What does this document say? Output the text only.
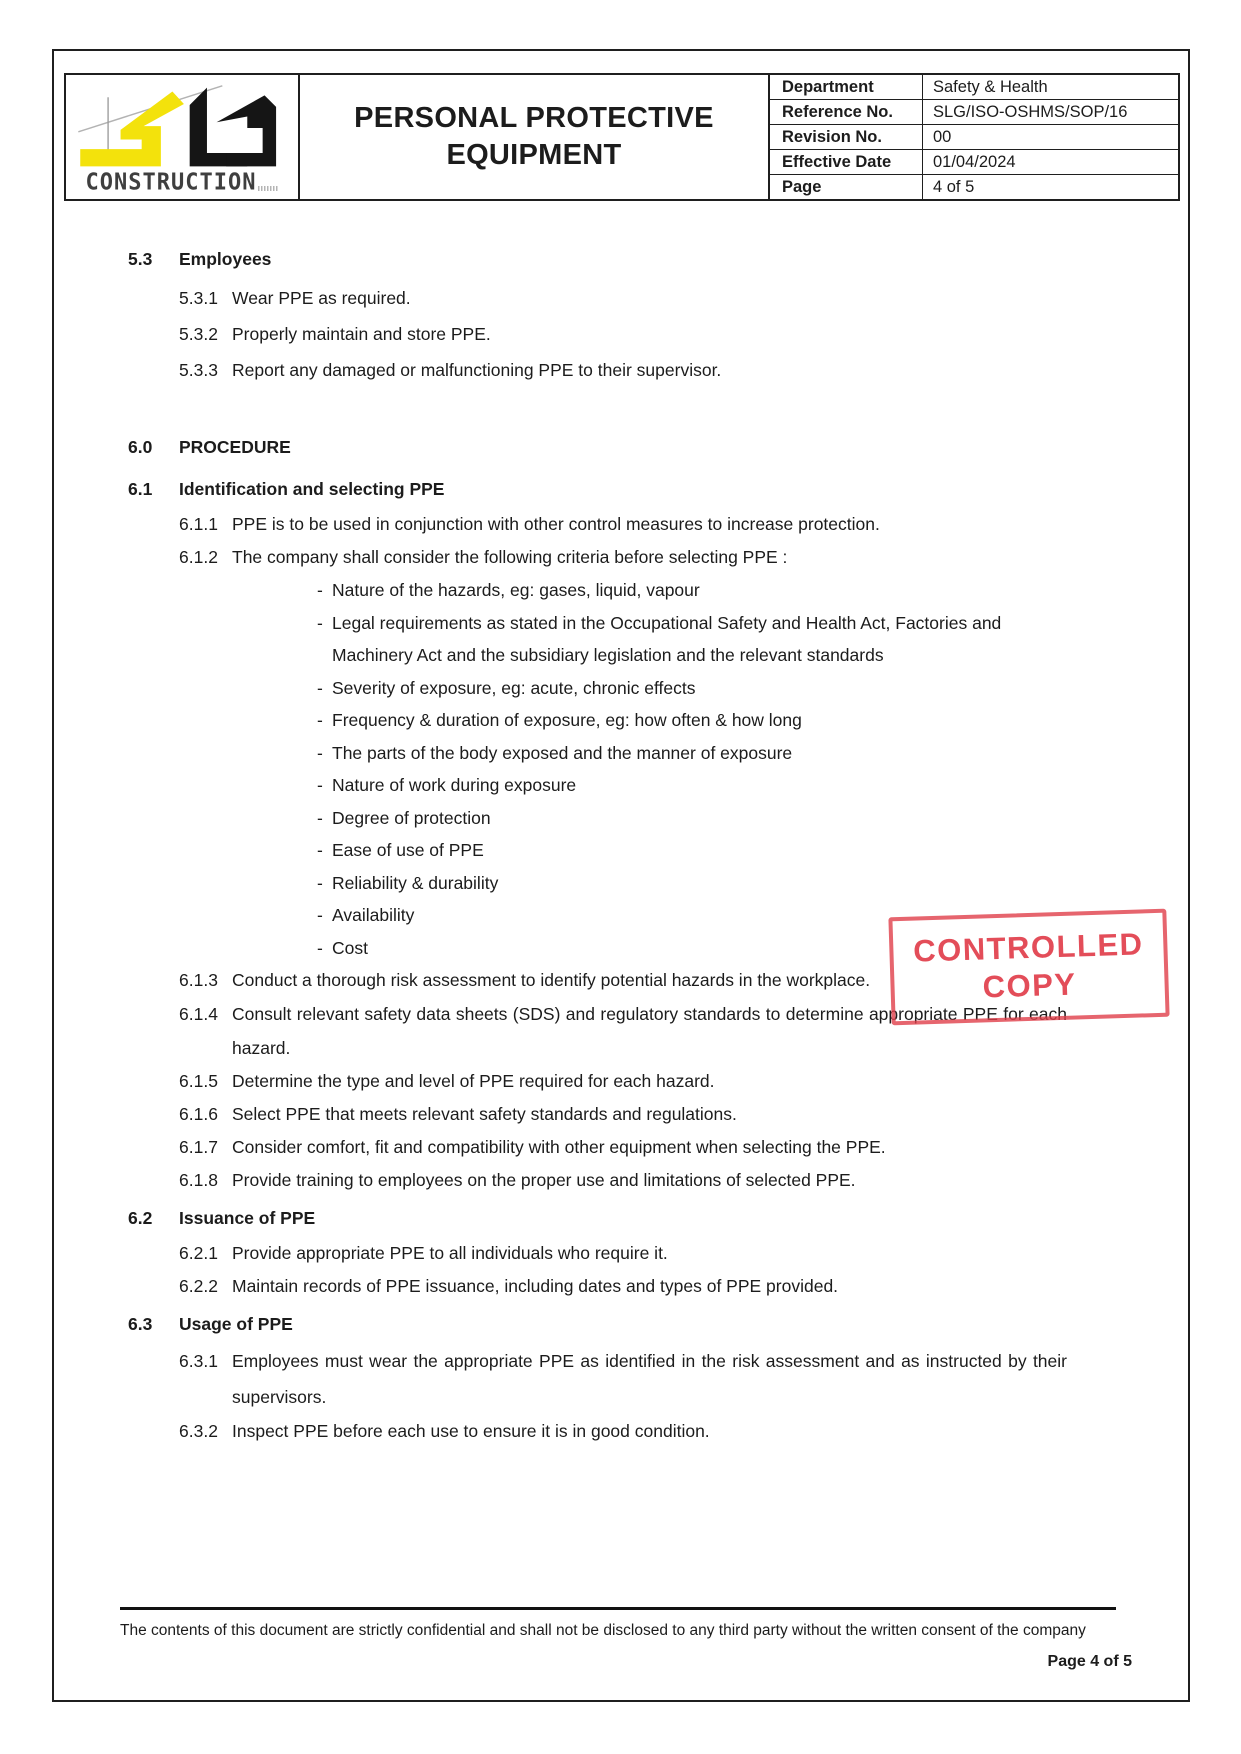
CONSTRUCTION
PERSONAL PROTECTIVE EQUIPMENT
Department	Safety & Health
Reference No.	SLG/ISO-OSHMS/SOP/16
Revision No.	00
Effective Date	01/04/2024
Page	4 of 5
5.3	Employees
5.3.1 Wear PPE as required.
5.3.2 Properly maintain and store PPE.
5.3.3 Report any damaged or malfunctioning PPE to their supervisor.
6.0	PROCEDURE
6.1	Identification and selecting PPE
6.1.1 PPE is to be used in conjunction with other control measures to increase protection.
6.1.2 The company shall consider the following criteria before selecting PPE :
- Nature of the hazards, eg: gases, liquid, vapour
- Legal requirements as stated in the Occupational Safety and Health Act, Factories and Machinery Act and the subsidiary legislation and the relevant standards
- Severity of exposure, eg: acute, chronic effects
- Frequency & duration of exposure, eg: how often & how long
- The parts of the body exposed and the manner of exposure
- Nature of work during exposure
- Degree of protection
- Ease of use of PPE
- Reliability & durability
- Availability
- Cost
6.1.3 Conduct a thorough risk assessment to identify potential hazards in the workplace.
6.1.4 Consult relevant safety data sheets (SDS) and regulatory standards to determine appropriate PPE for each hazard.
6.1.5 Determine the type and level of PPE required for each hazard.
6.1.6 Select PPE that meets relevant safety standards and regulations.
6.1.7 Consider comfort, fit and compatibility with other equipment when selecting the PPE.
6.1.8 Provide training to employees on the proper use and limitations of selected PPE.
6.2	Issuance of PPE
6.2.1 Provide appropriate PPE to all individuals who require it.
6.2.2 Maintain records of PPE issuance, including dates and types of PPE provided.
6.3	Usage of PPE
6.3.1 Employees must wear the appropriate PPE as identified in the risk assessment and as instructed by their supervisors.
6.3.2 Inspect PPE before each use to ensure it is in good condition.
CONTROLLED
COPY
The contents of this document are strictly confidential and shall not be disclosed to any third party without the written consent of the company
Page 4 of 5
